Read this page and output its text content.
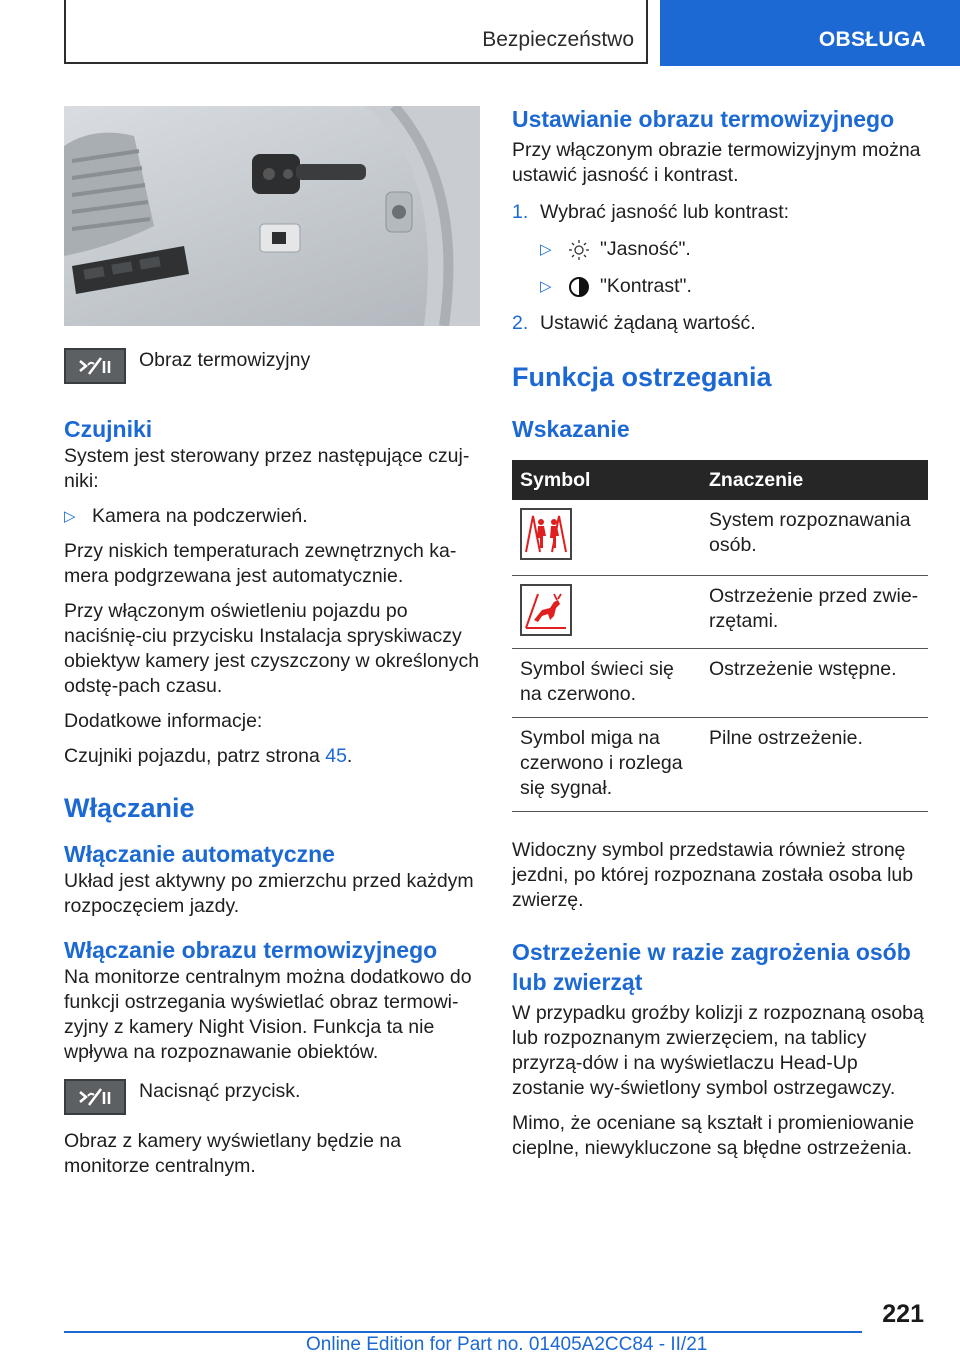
Bezpieczeństwo	OBSŁUGA
Obraz termowizyjny
Czujniki

System jest sterowany przez następujące czuj-niki:

▷ Kamera na podczerwień.

Przy niskich temperaturach zewnętrznych ka-mera podgrzewana jest automatycznie.

Przy włączonym oświetleniu pojazdu po naciśnię-ciu przycisku Instalacja spryskiwaczy obiektyw kamery jest czyszczony w określonych odstę-pach czasu.

Dodatkowe informacje:

Czujniki pojazdu, patrz strona 45.

Włączanie
Włączanie automatyczne

Układ jest aktywny po zmierzchu przed każdym rozpoczęciem jazdy.

Włączanie obrazu termowizyjnego

Na monitorze centralnym można dodatkowo do funkcji ostrzegania wyświetlać obraz termowi-zyjny z kamery Night Vision. Funkcja ta nie wpływa na rozpoznawanie obiektów.

Nacisnąć przycisk.

Obraz z kamery wyświetlany będzie na monitorze centralnym.

Ustawianie obrazu termowizyjnego

Przy włączonym obrazie termowizyjnym można ustawić jasność i kontrast.

1. Wybrać jasność lub kontrast:
▷	"Jasność".
▷	"Kontrast".
2. Ustawić żądaną wartość.
Funkcja ostrzegania
Wskazanie
Symbol	Znaczenie

	System rozpoznawania osób.

	Ostrzeżenie przed zwie-rzętami.
Symbol świeci się na czerwono.	Ostrzeżenie wstępne.
Symbol miga na czerwono i rozlega się sygnał.	Pilne ostrzeżenie.

Widoczny symbol przedstawia również stronę jezdni, po której rozpoznana została osoba lub zwierzę.

Ostrzeżenie w razie zagrożenia osób lub zwierząt

W przypadku groźby kolizji z rozpoznaną osobą lub rozpoznanym zwierzęciem, na tablicy przyrzą-dów i na wyświetlaczu Head-Up zostanie wy-świetlony symbol ostrzegawczy.

Mimo, że oceniane są kształt i promieniowanie cieplne, niewykluczone są błędne ostrzeżenia.

221
Online Edition for Part no. 01405A2CC84 - II/21
